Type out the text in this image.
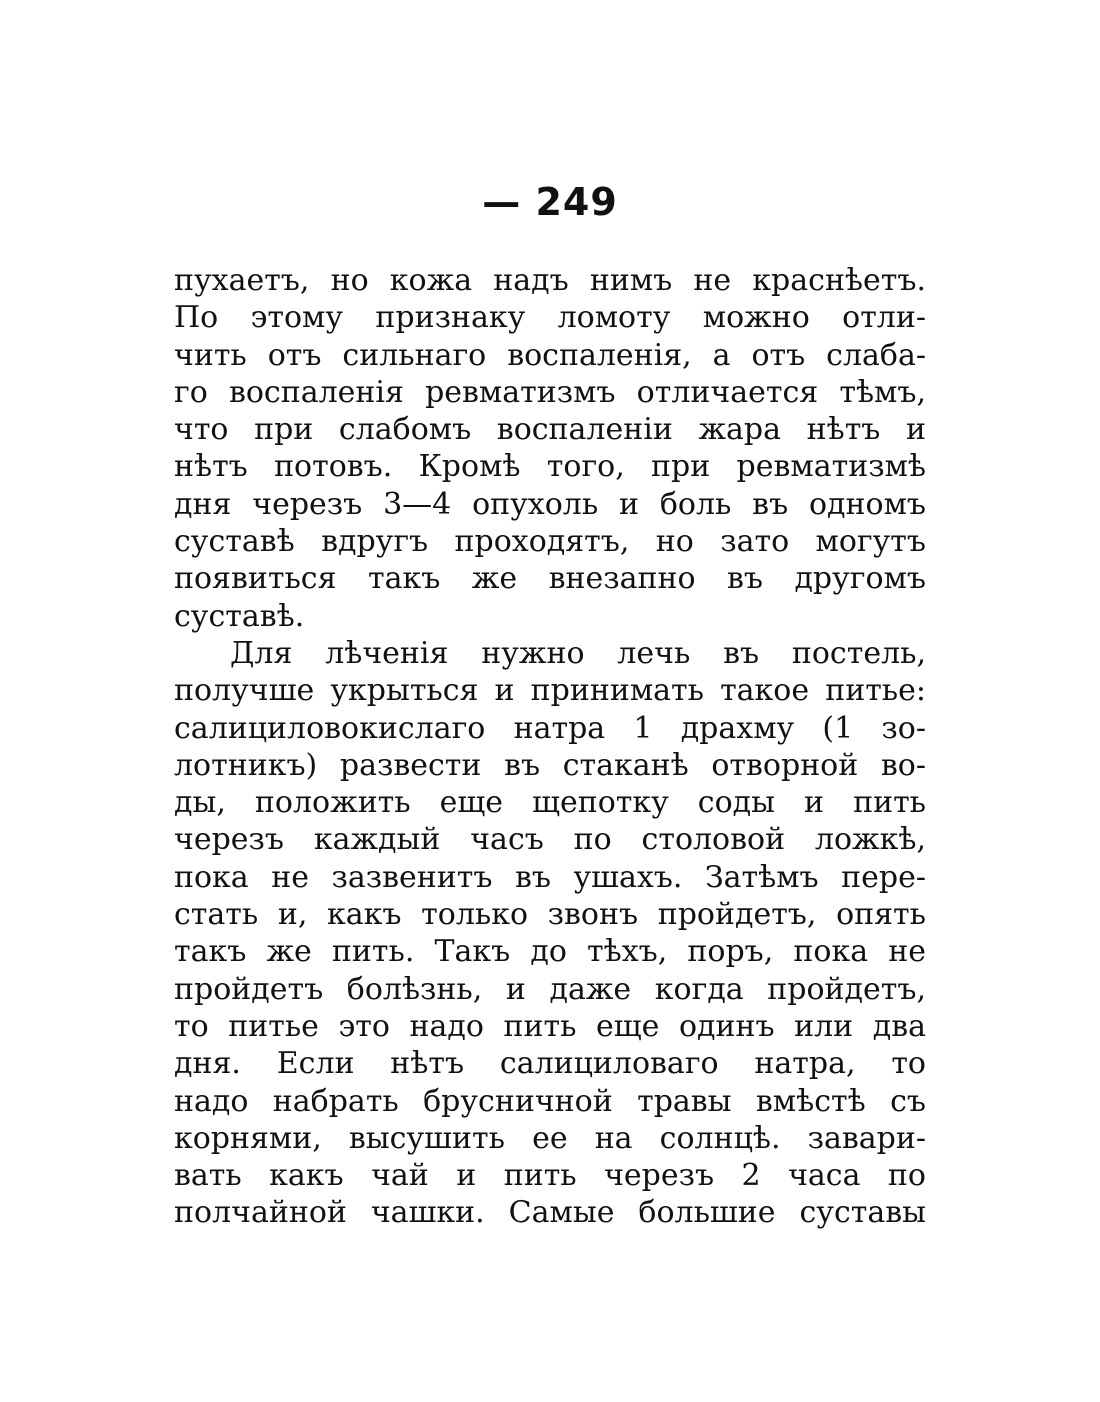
— 249
пухаетъ, но кожа надъ нимъ не краснѣетъ.
По этому признаку ломоту можно отли-
чить отъ сильнаго воспаленія, а отъ слаба-
го воспаленія ревматизмъ отличается тѣмъ,
что при слабомъ воспаленіи жара нѣтъ и
нѣтъ потовъ. Кромѣ того, при ревматизмѣ
дня черезъ 3—4 опухоль и боль въ одномъ
суставѣ вдругъ проходятъ, но зато могутъ
появиться такъ же внезапно въ другомъ
суставѣ.
Для лѣченія нужно лечь въ постель,
получше укрыться и принимать такое питье:
салициловокислаго натра 1 драхму (1 зо-
лотникъ) развести въ стаканѣ отворной во-
ды, положить еще щепотку соды и пить
черезъ каждый часъ по столовой ложкѣ,
пока не зазвенитъ въ ушахъ. Затѣмъ пере-
стать и, какъ только звонъ пройдетъ, опять
такъ же пить. Такъ до тѣхъ, поръ, пока не
пройдетъ болѣзнь, и даже когда пройдетъ,
то питье это надо пить еще одинъ или два
дня. Если нѣтъ салициловаго натра, то
надо набрать брусничной травы вмѣстѣ съ
корнями, высушить ее на солнцѣ. завари-
вать какъ чай и пить черезъ 2 часа по
полчайной чашки. Самые большие суставы
